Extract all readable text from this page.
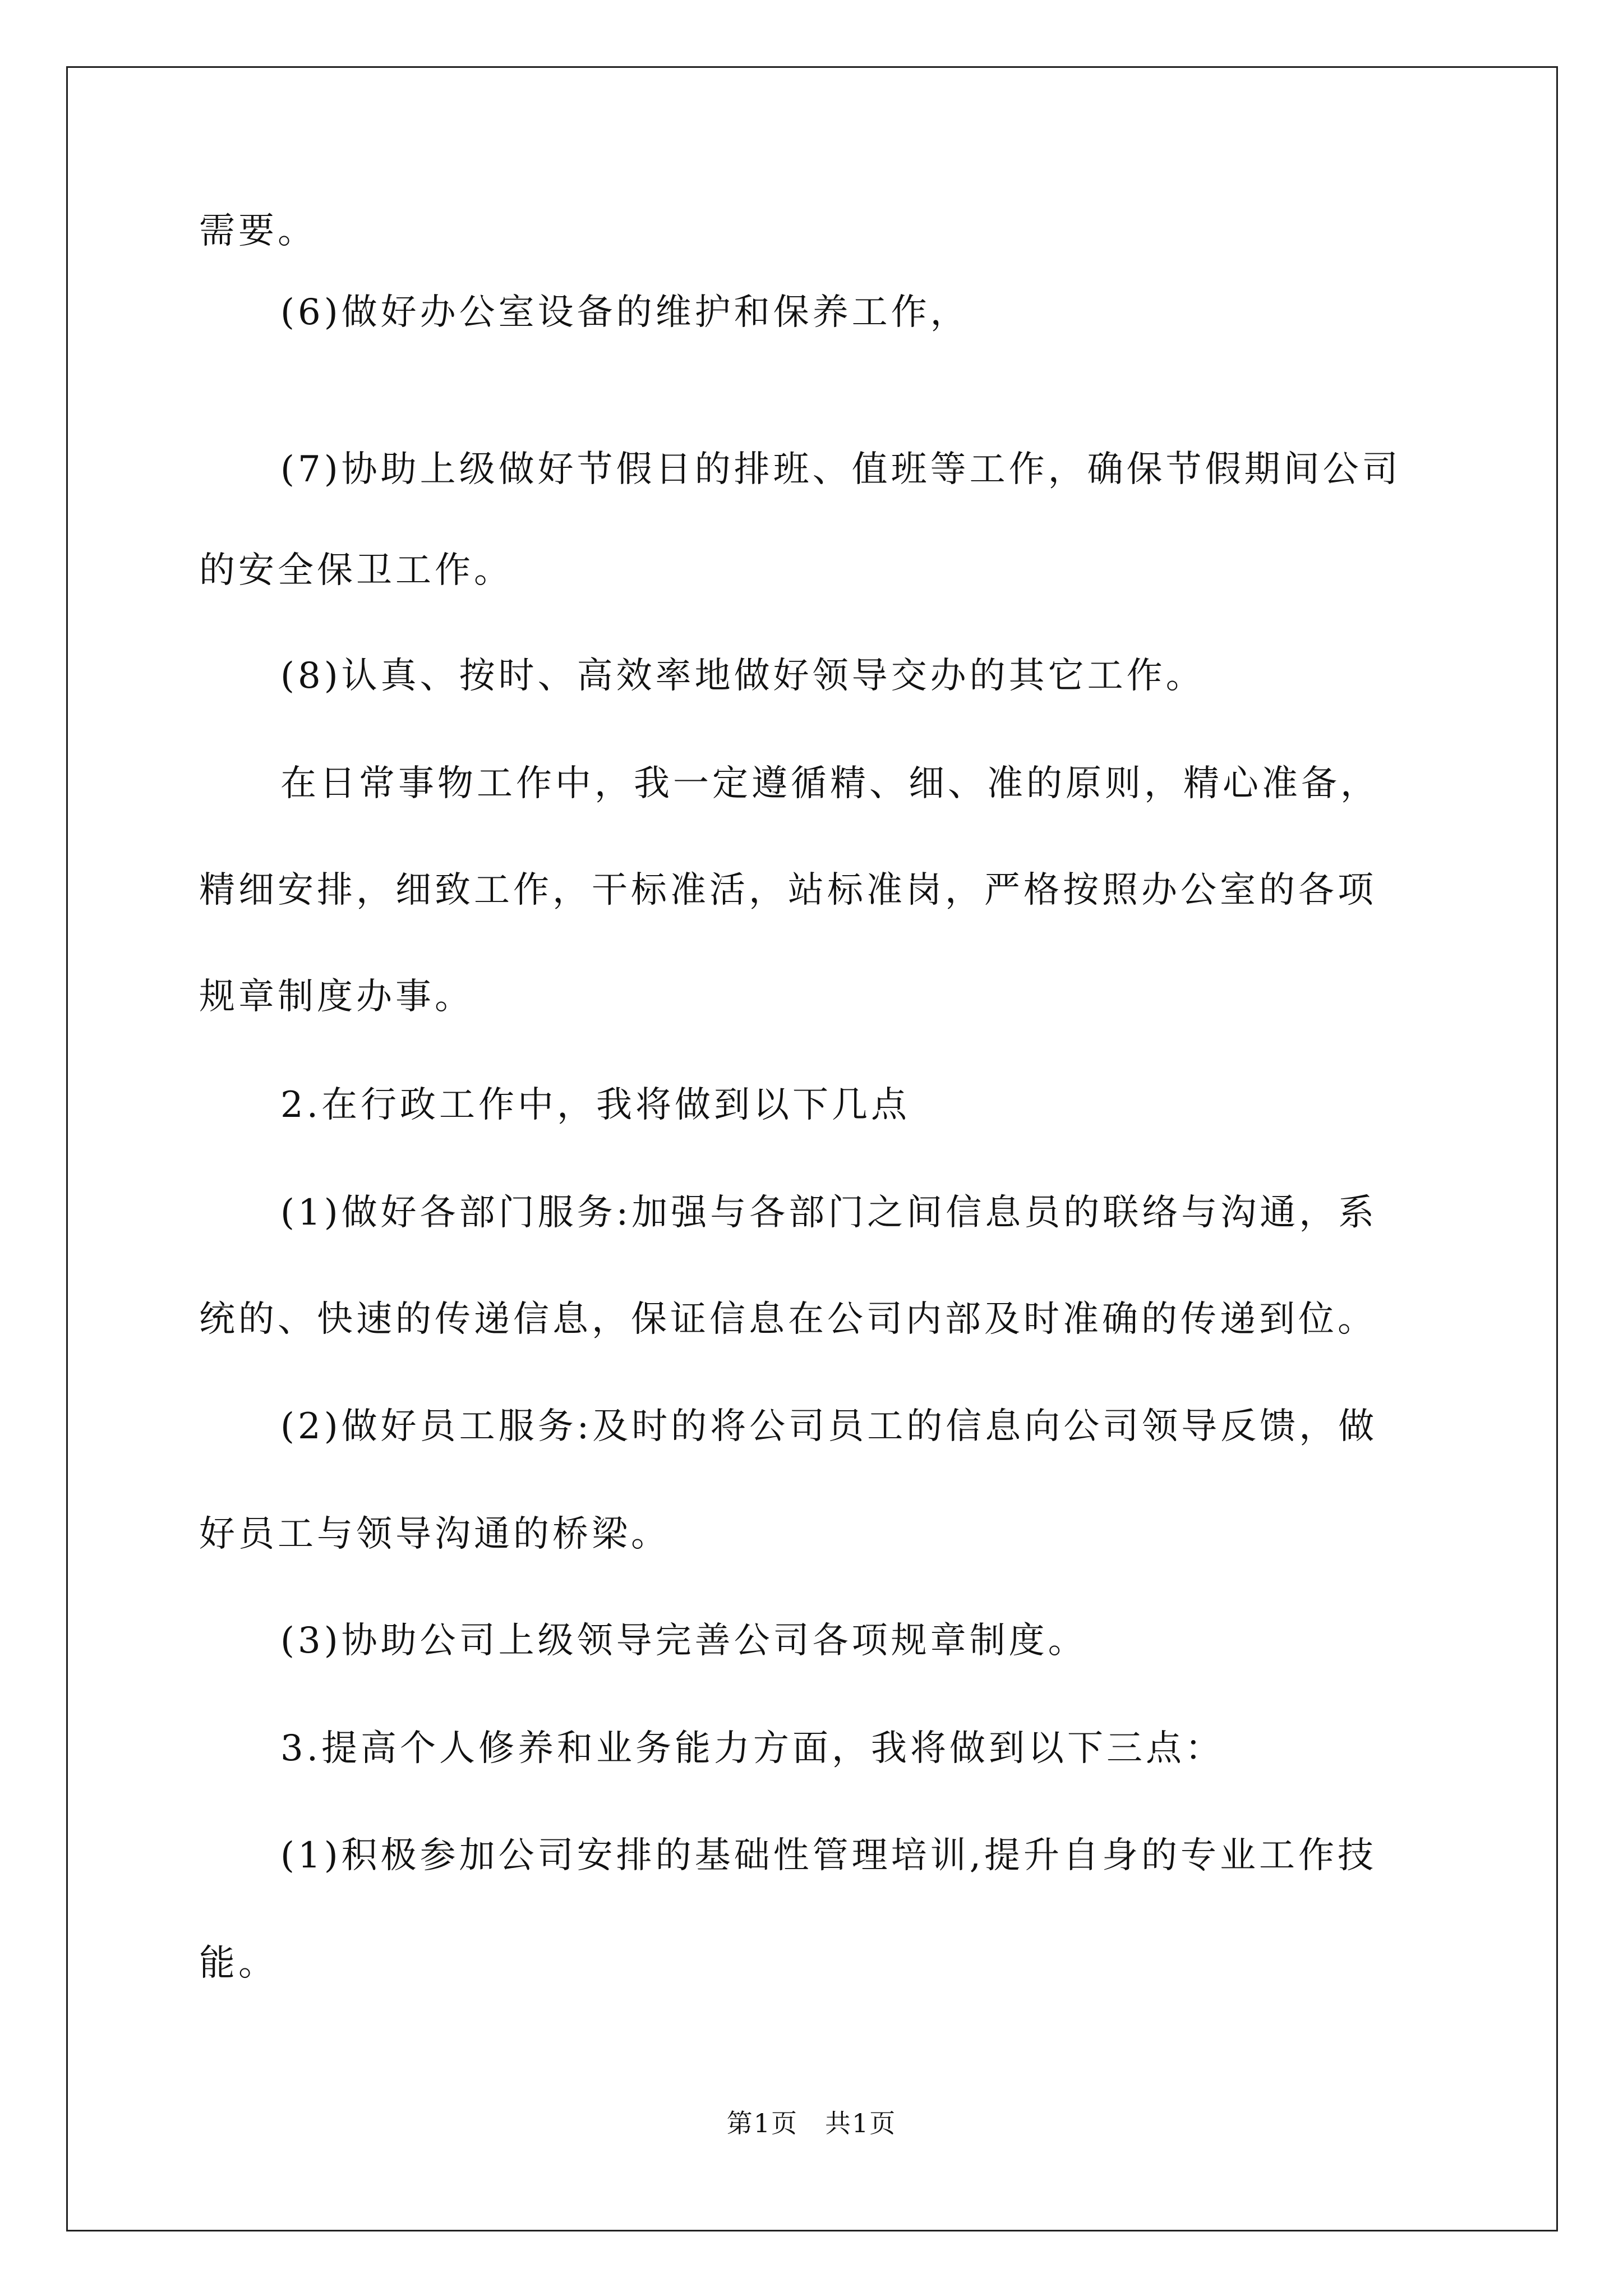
需要。
(6)做好办公室设备的维护和保养工作，
(7)协助上级做好节假日的排班、值班等工作，确保节假期间公司
的安全保卫工作。
(8)认真、按时、高效率地做好领导交办的其它工作。
在日常事物工作中，我一定遵循精、细、准的原则，精心准备，
精细安排，细致工作，干标准活，站标准岗，严格按照办公室的各项
规章制度办事。
2.在行政工作中，我将做到以下几点
(1)做好各部门服务:加强与各部门之间信息员的联络与沟通，系
统的、快速的传递信息，保证信息在公司内部及时准确的传递到位。
(2)做好员工服务:及时的将公司员工的信息向公司领导反馈，做
好员工与领导沟通的桥梁。
(3)协助公司上级领导完善公司各项规章制度。
3.提高个人修养和业务能力方面，我将做到以下三点：
(1)积极参加公司安排的基础性管理培训,提升自身的专业工作技
能。
第1页　共1页
